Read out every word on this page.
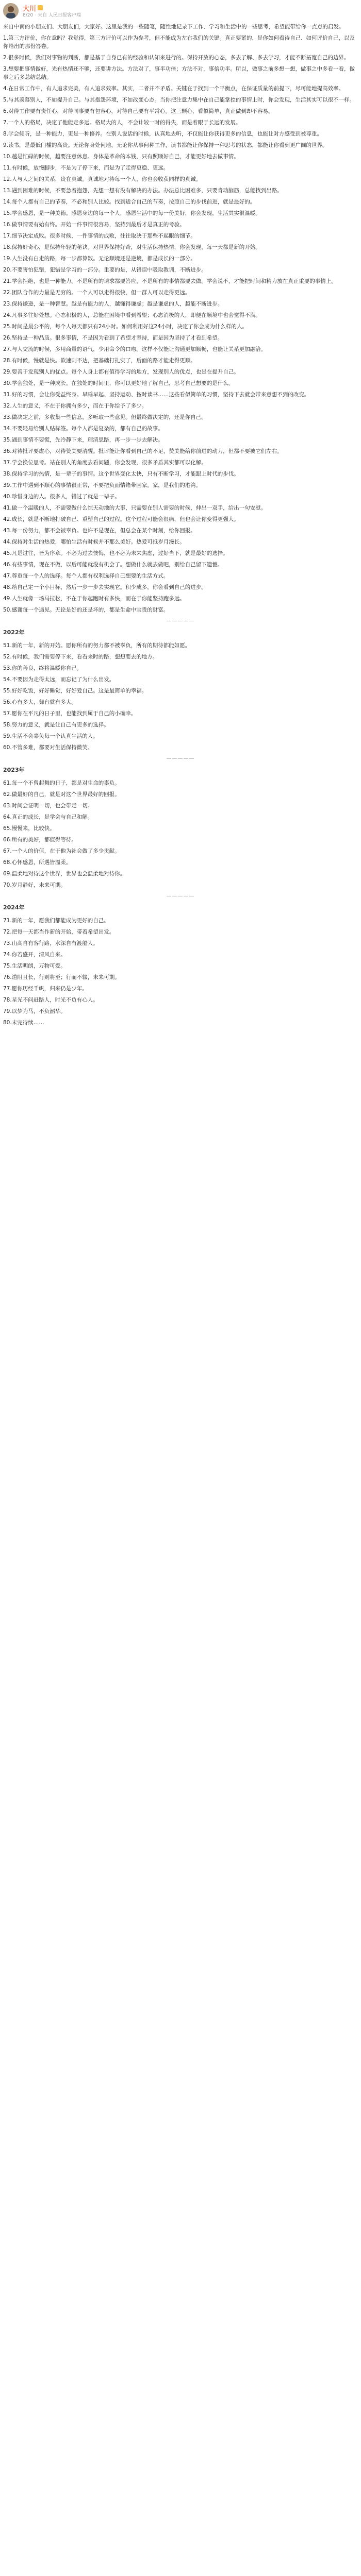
大川
8/20 · 来自 人民日报客户端

来自中南的小朋友们、大朋友们，大家好。这里是我的一些随笔，随性地记录下工作、学习和生活中的一些思考，希望能带给你一点点的启发。

1.第三方评价，你在意吗？我觉得，第三方评价可以作为参考，但不能成为左右我们的关键。真正要紧的，是你如何看待自己、如何评价自己，以及你给出的那份答卷。

2.很多时候，我们对事物的判断，都是基于自身已有的经验和认知来进行的。保持开放的心态，多去了解、多去学习，才能不断拓宽自己的边界。

3.想要把事情做好，光有热情还不够，还要讲方法。方法对了，事半功倍；方法不对，事倍功半。所以，做事之前多想一想，做事之中多看一看，做事之后多总结总结。

4.在日常工作中，有人追求完美，有人追求效率。其实，二者并不矛盾。关键在于找到一个平衡点，在保证质量的前提下，尽可能地提高效率。

5.与其羡慕别人，不如提升自己。与其抱怨环境，不如改变心态。当你把注意力集中在自己能掌控的事情上时，你会发现，生活其实可以很不一样。

6.对待工作要有责任心，对待同事要有包容心，对待自己要有平常心。这三颗心，看似简单，真正做到却不容易。

7.一个人的格局，决定了他能走多远。格局大的人，不会计较一时的得失，而是着眼于长远的发展。

8.学会倾听，是一种能力，更是一种修养。在别人说话的时候，认真地去听，不仅能让你获得更多的信息，也能让对方感受到被尊重。

9.读书，是最低门槛的高贵。无论你身处何地，无论你从事何种工作，读书都能让你保持一种思考的状态，都能让你看到更广阔的世界。

10.越是忙碌的时候，越要注意休息。身体是革命的本钱，只有照顾好自己，才能更好地去做事情。

11.有时候，放慢脚步，不是为了停下来，而是为了走得更稳、更远。

12.人与人之间的关系，贵在真诚。真诚地对待每一个人，你也会收获同样的真诚。

13.遇到困难的时候，不要急着抱怨，先想一想有没有解决的办法。办法总比困难多，只要肯动脑筋，总能找到出路。

14.每个人都有自己的节奏，不必和别人比较。找到适合自己的节奏，按照自己的步伐前进，就是最好的。

15.学会感恩，是一种美德。感恩身边的每一个人，感恩生活中的每一份美好，你会发现，生活其实很温暖。

16.做事情要有始有终。开始一件事情很容易，坚持到最后才是真正的考验。

17.细节决定成败。很多时候，一件事情的成败，往往取决于那些不起眼的细节。

18.保持好奇心，是保持年轻的秘诀。对世界保持好奇，对生活保持热情，你会发现，每一天都是新的开始。

19.人生没有白走的路，每一步都算数。无论顺境还是逆境，都是成长的一部分。

20.不要害怕犯错，犯错是学习的一部分。重要的是，从错误中吸取教训，不断进步。

21.学会拒绝，也是一种能力。不是所有的请求都要答应，不是所有的事情都要去做。学会说不，才能把时间和精力放在真正重要的事情上。

22.团队合作的力量是无穷的。一个人可以走得很快，但一群人可以走得更远。

23.保持谦逊，是一种智慧。越是有能力的人，越懂得谦虚；越是谦虚的人，越能不断进步。

24.凡事多往好处想。心态积极的人，总能在困境中看到希望；心态消极的人，即便在顺境中也会觉得不满。

25.时间是最公平的，每个人每天都只有24小时。如何利用好这24小时，决定了你会成为什么样的人。

26.坚持是一种品质。很多事情，不是因为看到了希望才坚持，而是因为坚持了才看到希望。

27.与人交流的时候，多用商量的语气，少用命令的口吻。这样不仅能让沟通更加顺畅，也能让关系更加融洽。

28.有时候，慢就是快。欲速则不达，把基础打扎实了，后面的路才能走得更顺。

29.要善于发现别人的优点。每个人身上都有值得学习的地方，发现别人的优点，也是在提升自己。

30.学会独处，是一种成长。在独处的时间里，你可以更好地了解自己，思考自己想要的是什么。

31.好的习惯，会让你受益终身。早睡早起、坚持运动、按时读书……这些看似简单的习惯，坚持下去就会带来意想不到的改变。

32.人生的意义，不在于你拥有多少，而在于你给予了多少。

33.做决定之前，多收集一些信息，多听取一些意见。但最终做决定的，还是你自己。

34.不要轻易给别人贴标签。每个人都是复杂的，都有自己的故事。

35.遇到事情不要慌，先冷静下来，理清思路，再一步一步去解决。

36.对待批评要虚心，对待赞美要清醒。批评能让你看到自己的不足，赞美能给你前进的动力，但都不要被它们左右。

37.学会换位思考。站在别人的角度去看问题，你会发现，很多矛盾其实都可以化解。

38.保持学习的热情，是一辈子的事情。这个世界变化太快，只有不断学习，才能跟上时代的步伐。

39.工作中遇到不顺心的事情很正常，不要把负面情绪带回家。家，是我们的港湾。

40.珍惜身边的人。很多人，错过了就是一辈子。

41.做一个温暖的人，不需要做什么惊天动地的大事，只需要在别人需要的时候，伸出一双手，给出一句安慰。

42.成长，就是不断地打破自己、重塑自己的过程。这个过程可能会很痛，但也会让你变得更强大。

43.每一份努力，都不会被辜负。也许不是现在，但总会在某个时刻，给你回报。

44.保持对生活的热爱，哪怕生活有时候并不那么美好。热爱可抵岁月漫长。

45.凡是过往，皆为序章。不必为过去懊悔，也不必为未来焦虑，过好当下，就是最好的选择。

46.有些事情，现在不做，以后可能就没有机会了。想做什么就去做吧，别给自己留下遗憾。

47.尊重每一个人的选择。每个人都有权利选择自己想要的生活方式。

48.给自己定一个小目标，然后一步一步去实现它。积少成多，你会看到自己的进步。

49.人生就像一场马拉松，不在于你起跑时有多快，而在于你能坚持跑多远。

50.感谢每一个遇见。无论是好的还是坏的，都是生命中宝贵的财富。

—————
2022年

51.新的一年，新的开始。愿你所有的努力都不被辜负，所有的期待都能如愿。

52.有时候，我们需要停下来，看看来时的路，想想要去的地方。

53.你的善良，终将温暖你自己。

54.不要因为走得太远，而忘记了为什么出发。

55.好好吃饭，好好睡觉，好好爱自己。这是最简单的幸福。

56.心有多大，舞台就有多大。

57.愿你在平凡的日子里，也能找到属于自己的小确幸。

58.努力的意义，就是让自己有更多的选择。

59.生活不会辜负每一个认真生活的人。

60.不管多难，都要对生活保持微笑。

—————
2023年

61.每一个不曾起舞的日子，都是对生命的辜负。

62.做最好的自己，就是对这个世界最好的回报。

63.时间会证明一切，也会带走一切。

64.真正的成长，是学会与自己和解。

65.慢慢来，比较快。

66.所有的美好，都值得等待。

67.一个人的价值，在于他为社会做了多少贡献。

68.心怀感恩，所遇皆温柔。

69.温柔地对待这个世界，世界也会温柔地对待你。

70.岁月静好，未来可期。

—————
2024年

71.新的一年，愿我们都能成为更好的自己。

72.把每一天都当作新的开始，带着希望出发。

73.山高自有客行路，水深自有渡船人。

74.你若盛开，清风自来。

75.生活明朗，万物可爱。

76.道阻且长，行则将至；行而不辍，未来可期。

77.愿你历经千帆，归来仍是少年。

78.星光不问赶路人，时光不负有心人。

79.以梦为马，不负韶华。

80.未完待续……
